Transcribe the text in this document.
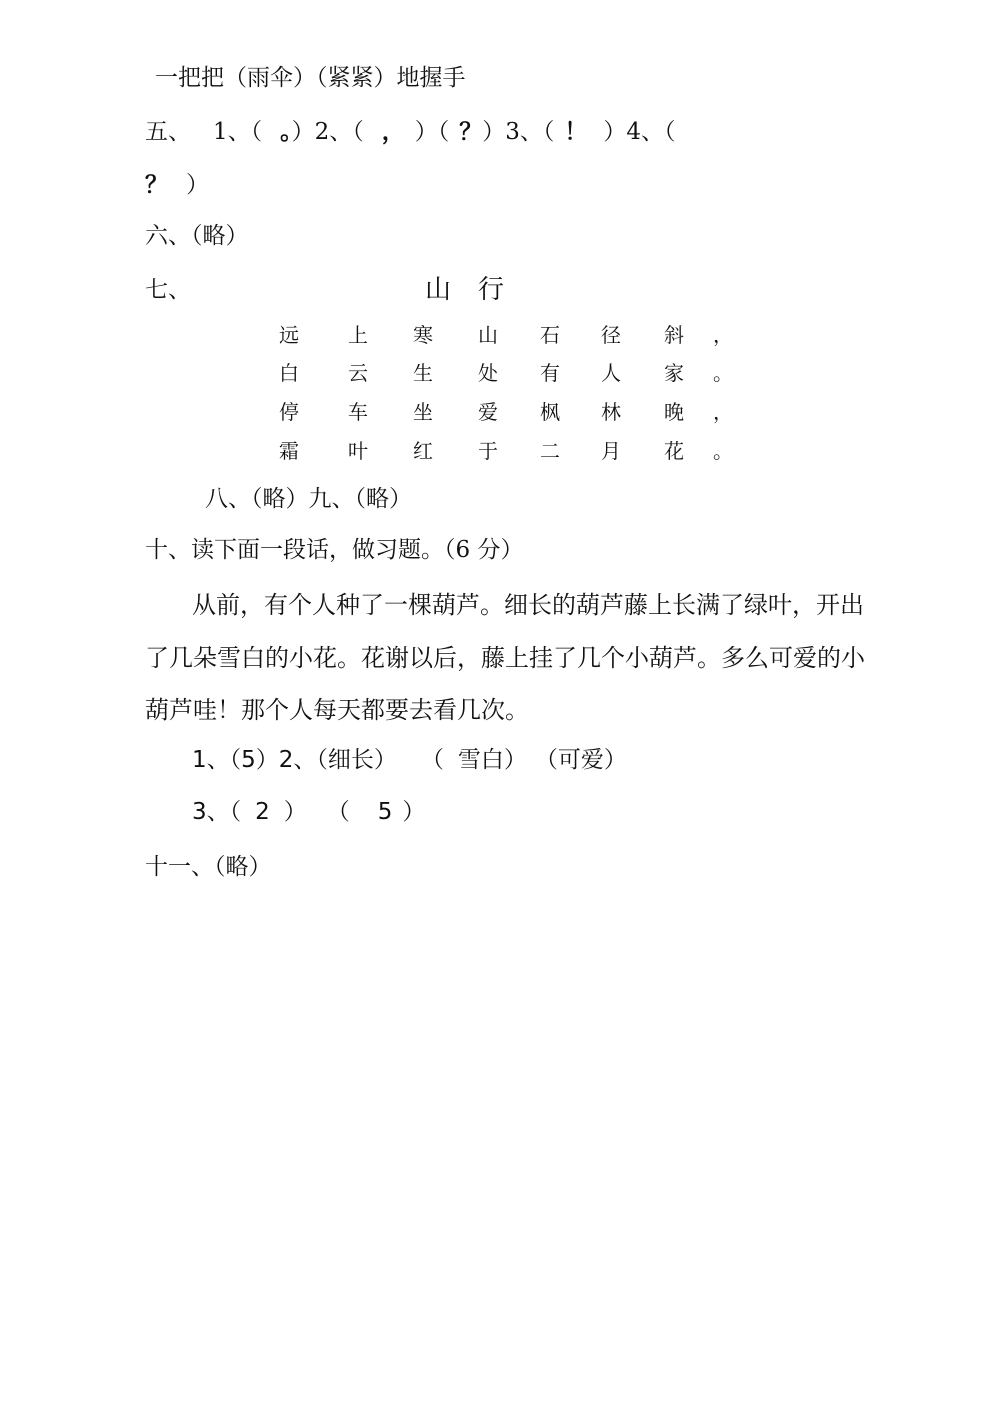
一把把（雨伞）（紧紧）地握手
五、 1、（ 。）2、（ ， ）（ ？）3、（ ！ ）4、（
？ ）
六、（略）
七、	山 行
远 上 寒 山 石 径 斜 ，
白 云 生 处 有 人 家 。
停 车 坐 爱 枫 林 晚 ，
霜 叶 红 于 二 月 花 。
八、（略）九、（略）
十、读下面一段话，做习题。（6 分）
从前，有个人种了一棵葫芦。细长的葫芦藤上长满了绿叶，开出
了几朵雪白的小花。花谢以后，藤上挂了几个小葫芦。多么可爱的小
葫芦哇！那个人每天都要去看几次。
1、（5）2、（细长） （ 雪白） （可爱）
3、（ 2 ） （ 5 ）
十一、（略）
